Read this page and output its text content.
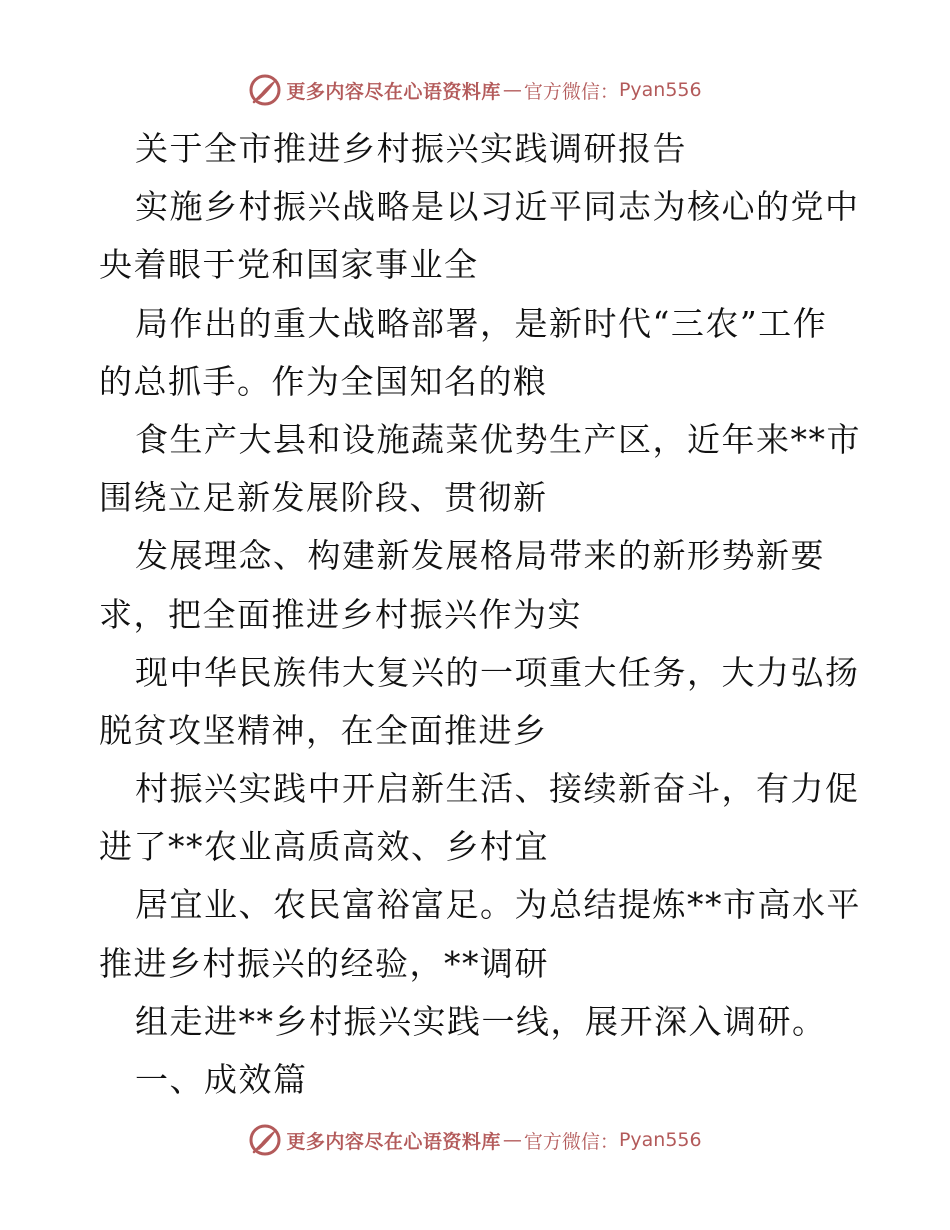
更多内容尽在心语资料库 — 官方微信： Pyan556

关于全市推进乡村振兴实践调研报告

实施乡村振兴战略是以习近平同志为核心的党中

央着眼于党和国家事业全

局作出的重大战略部署，是新时代“三农”工作

的总抓手。作为全国知名的粮

食生产大县和设施蔬菜优势生产区，近年来**市

围绕立足新发展阶段、贯彻新

发展理念、构建新发展格局带来的新形势新要

求，把全面推进乡村振兴作为实

现中华民族伟大复兴的一项重大任务，大力弘扬

脱贫攻坚精神，在全面推进乡

村振兴实践中开启新生活、接续新奋斗，有力促

进了**农业高质高效、乡村宜

居宜业、农民富裕富足。为总结提炼**市高水平

推进乡村振兴的经验，**调研

组走进**乡村振兴实践一线，展开深入调研。

一、成效篇

更多内容尽在心语资料库 — 官方微信： Pyan556
